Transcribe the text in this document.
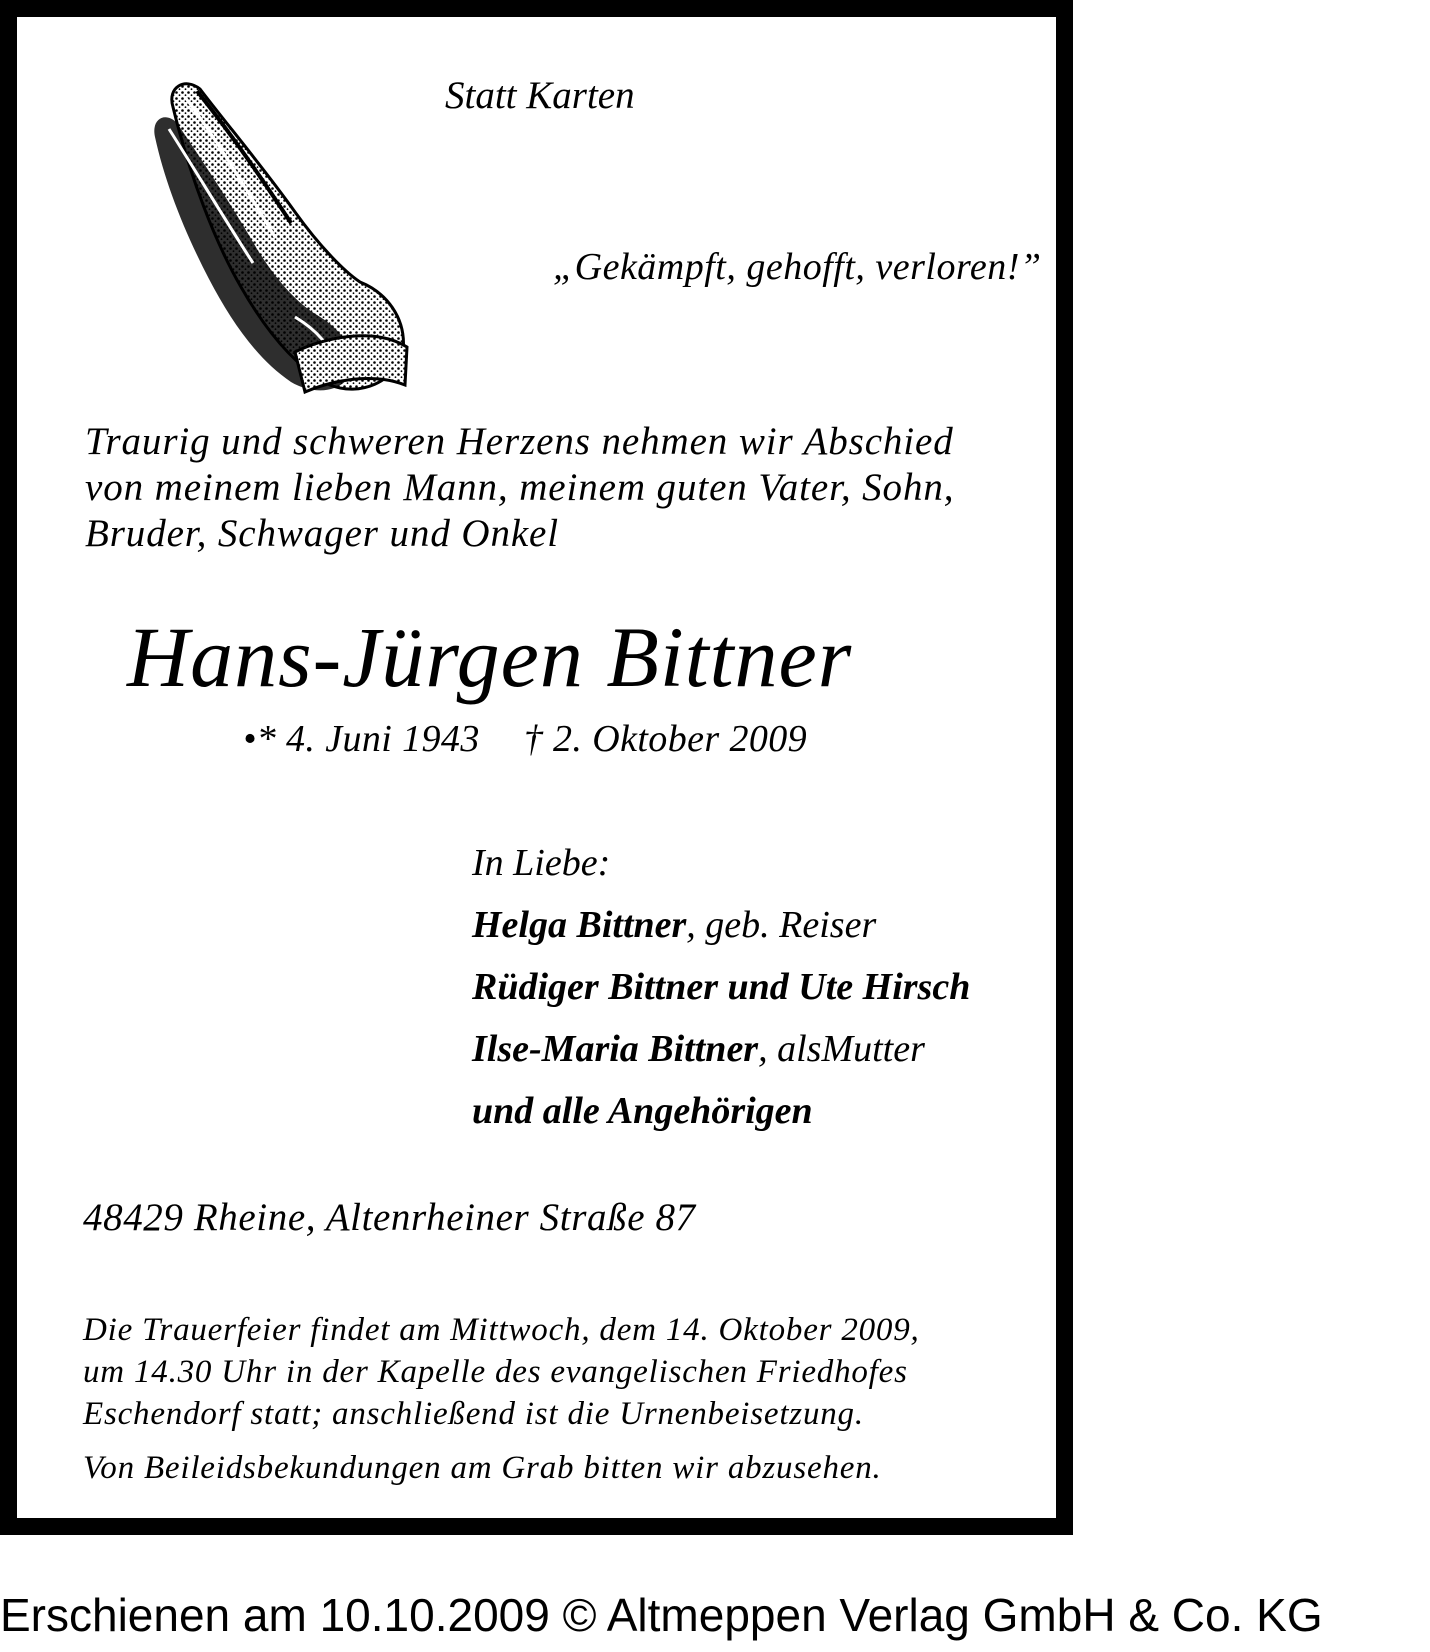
Statt Karten
„Gekämpft, gehofft, verloren!”
Traurig und schweren Herzens nehmen wir Abschied
von meinem lieben Mann, meinem guten Vater, Sohn,
Bruder, Schwager und Onkel
Hans-Jürgen Bittner
•* 4. Juni 1943 † 2. Oktober 2009
In Liebe:
Helga Bittner, geb. Reiser
Rüdiger Bittner und Ute Hirsch
Ilse-Maria Bittner, alsMutter
und alle Angehörigen
48429 Rheine, Altenrheiner Straße 87
Die Trauerfeier findet am Mittwoch, dem 14. Oktober 2009,
um 14.30 Uhr in der Kapelle des evangelischen Friedhofes
Eschendorf statt; anschließend ist die Urnenbeisetzung.
Von Beileidsbekundungen am Grab bitten wir abzusehen.
Erschienen am 10.10.2009 © Altmeppen Verlag GmbH & Co. KG
